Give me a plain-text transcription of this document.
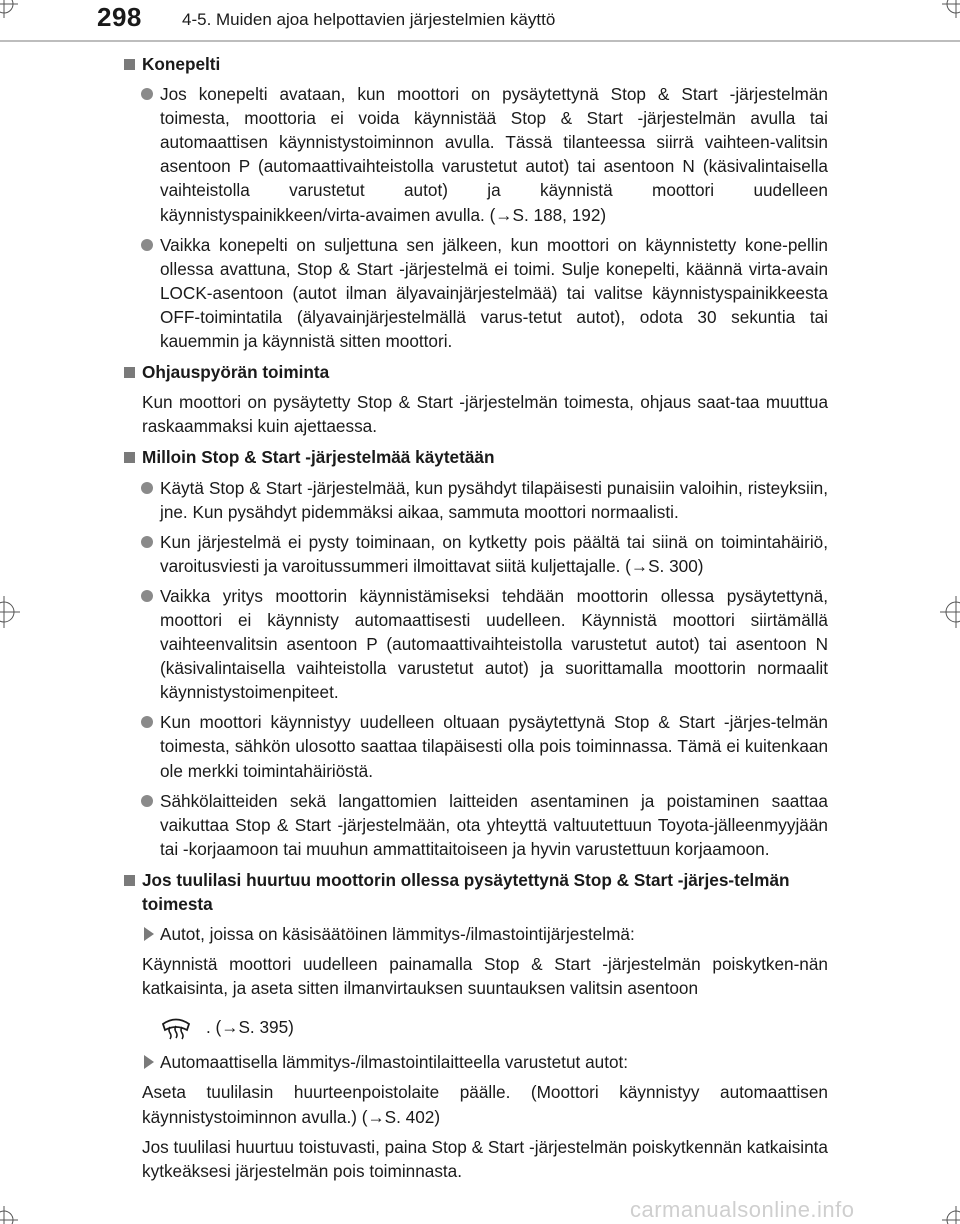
298 4-5. Muiden ajoa helpottavien järjestelmien käyttö
Konepelti
Jos konepelti avataan, kun moottori on pysäytettynä Stop & Start -järjestelmän toimesta, moottoria ei voida käynnistää Stop & Start -järjestelmän avulla tai automaattisen käynnistystoiminnon avulla. Tässä tilanteessa siirrä vaihteen-valitsin asentoon P (automaattivaihteistolla varustetut autot) tai asentoon N (käsivalintaisella vaihteistolla varustetut autot) ja käynnistä moottori uudelleen käynnistyspainikkeen/virta-avaimen avulla. (→S. 188, 192)
Vaikka konepelti on suljettuna sen jälkeen, kun moottori on käynnistetty kone-pellin ollessa avattuna, Stop & Start -järjestelmä ei toimi. Sulje konepelti, käännä virta-avain LOCK-asentoon (autot ilman älyavainjärjestelmää) tai valitse käynnistyspainikkeesta OFF-toimintatila (älyavainjärjestelmällä varus-tetut autot), odota 30 sekuntia tai kauemmin ja käynnistä sitten moottori.
Ohjauspyörän toiminta
Kun moottori on pysäytetty Stop & Start -järjestelmän toimesta, ohjaus saat-taa muuttua raskaammaksi kuin ajettaessa.
Milloin Stop & Start -järjestelmää käytetään
Käytä Stop & Start -järjestelmää, kun pysähdyt tilapäisesti punaisiin valoihin, risteyksiin, jne. Kun pysähdyt pidemmäksi aikaa, sammuta moottori normaalisti.
Kun järjestelmä ei pysty toiminaan, on kytketty pois päältä tai siinä on toimintahäiriö, varoitusviesti ja varoitussummeri ilmoittavat siitä kuljettajalle. (→S. 300)
Vaikka yritys moottorin käynnistämiseksi tehdään moottorin ollessa pysäytettynä, moottori ei käynnisty automaattisesti uudelleen. Käynnistä moottori siirtämällä vaihteenvalitsin asentoon P (automaattivaihteistolla varustetut autot) tai asentoon N (käsivalintaisella vaihteistolla varustetut autot) ja suorittamalla moottorin normaalit käynnistystoimenpiteet.
Kun moottori käynnistyy uudelleen oltuaan pysäytettynä Stop & Start -järjes-telmän toimesta, sähkön ulosotto saattaa tilapäisesti olla pois toiminnassa. Tämä ei kuitenkaan ole merkki toimintahäiriöstä.
Sähkölaitteiden sekä langattomien laitteiden asentaminen ja poistaminen saattaa vaikuttaa Stop & Start -järjestelmään, ota yhteyttä valtuutettuun Toyota-jälleenmyyjään tai -korjaamoon tai muuhun ammattitaitoiseen ja hyvin varustettuun korjaamoon.
Jos tuulilasi huurtuu moottorin ollessa pysäytettynä Stop & Start -järjes-telmän toimesta
Autot, joissa on käsisäätöinen lämmitys-/ilmastointijärjestelmä:
Käynnistä moottori uudelleen painamalla Stop & Start -järjestelmän poiskytken-nän katkaisinta, ja aseta sitten ilmanvirtauksen suuntauksen valitsin asentoon
. (→S. 395)
Automaattisella lämmitys-/ilmastointilaitteella varustetut autot:
Aseta tuulilasin huurteenpoistolaite päälle. (Moottori käynnistyy automaattisen käynnistystoiminnon avulla.) (→S. 402)
Jos tuulilasi huurtuu toistuvasti, paina Stop & Start -järjestelmän poiskytkennän katkaisinta kytkeäksesi järjestelmän pois toiminnasta.
carmanualsonline.info
